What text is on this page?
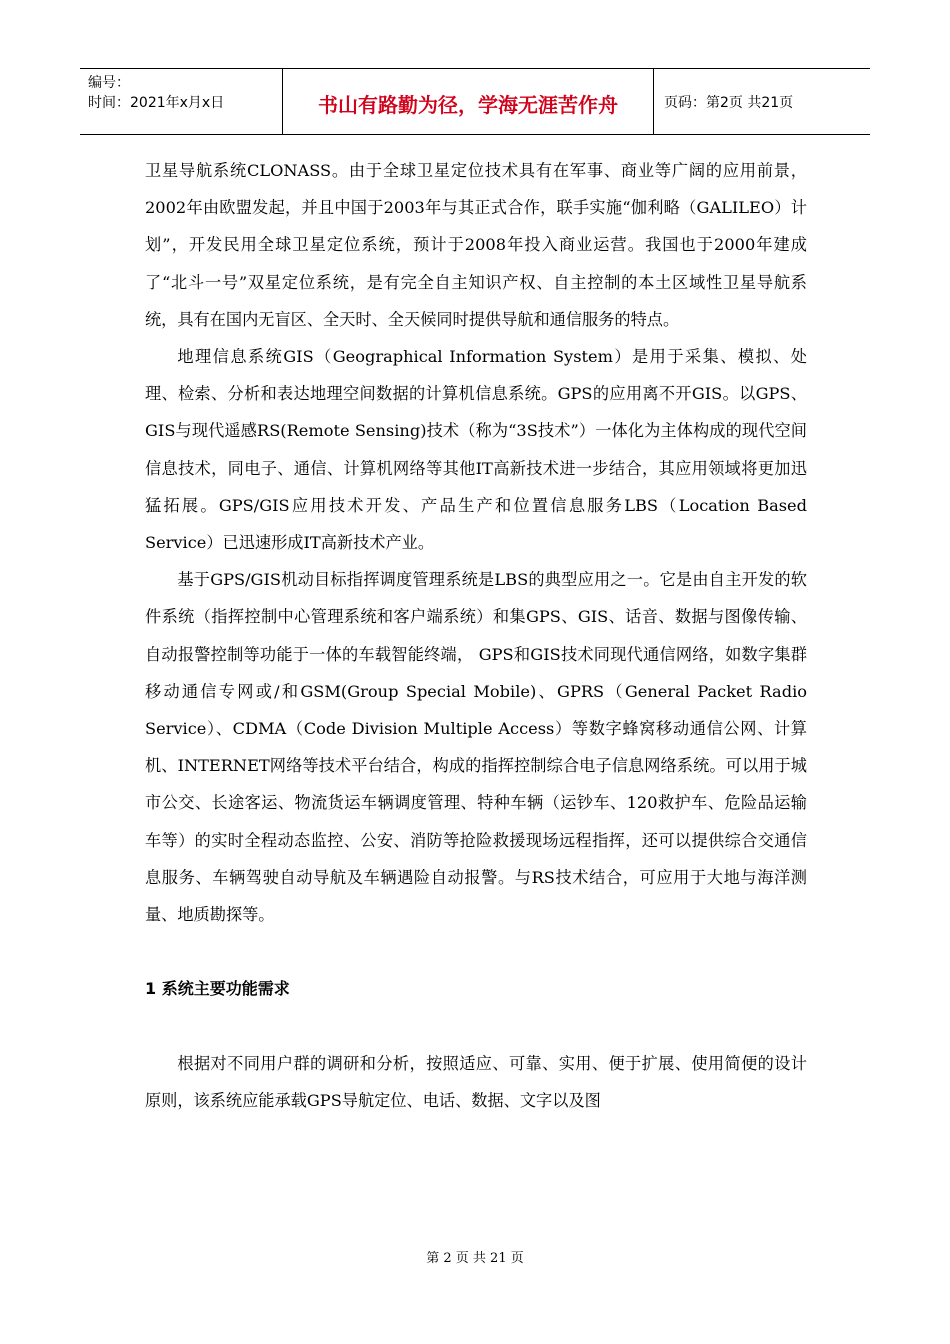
编号：
时间：2021年x月x日	书山有路勤为径，学海无涯苦作舟	页码：第2页 共21页

卫星导航系统CLONASS。由于全球卫星定位技术具有在军事、商业等广阔的应用前景，2002年由欧盟发起，并且中国于2003年与其正式合作，联手实施“伽利略（GALILEO）计划”，开发民用全球卫星定位系统，预计于2008年投入商业运营。我国也于2000年建成了“北斗一号”双星定位系统，是有完全自主知识产权、自主控制的本土区域性卫星导航系统，具有在国内无盲区、全天时、全天候同时提供导航和通信服务的特点。

地理信息系统GIS（Geographical Information System）是用于采集、模拟、处理、检索、分析和表达地理空间数据的计算机信息系统。GPS的应用离不开GIS。以GPS、GIS与现代遥感RS(Remote Sensing)技术（称为“3S技术”）一体化为主体构成的现代空间信息技术，同电子、通信、计算机网络等其他IT高新技术进一步结合，其应用领域将更加迅猛拓展。GPS/GIS应用技术开发、产品生产和位置信息服务LBS（Location Based Service）已迅速形成IT高新技术产业。

基于GPS/GIS机动目标指挥调度管理系统是LBS的典型应用之一。它是由自主开发的软件系统（指挥控制中心管理系统和客户端系统）和集GPS、GIS、话音、数据与图像传输、自动报警控制等功能于一体的车载智能终端， GPS和GIS技术同现代通信网络，如数字集群移动通信专网或/和GSM(Group Special Mobile)、GPRS（General Packet Radio Service）、CDMA（Code Division Multiple Access）等数字蜂窝移动通信公网、计算机、INTERNET网络等技术平台结合，构成的指挥控制综合电子信息网络系统。可以用于城市公交、长途客运、物流货运车辆调度管理、特种车辆（运钞车、120救护车、危险品运输车等）的实时全程动态监控、公安、消防等抢险救援现场远程指挥，还可以提供综合交通信息服务、车辆驾驶自动导航及车辆遇险自动报警。与RS技术结合，可应用于大地与海洋测量、地质勘探等。

1 系统主要功能需求

根据对不同用户群的调研和分析，按照适应、可靠、实用、便于扩展、使用简便的设计原则，该系统应能承载GPS导航定位、电话、数据、文字以及图

第 2 页 共 21 页
